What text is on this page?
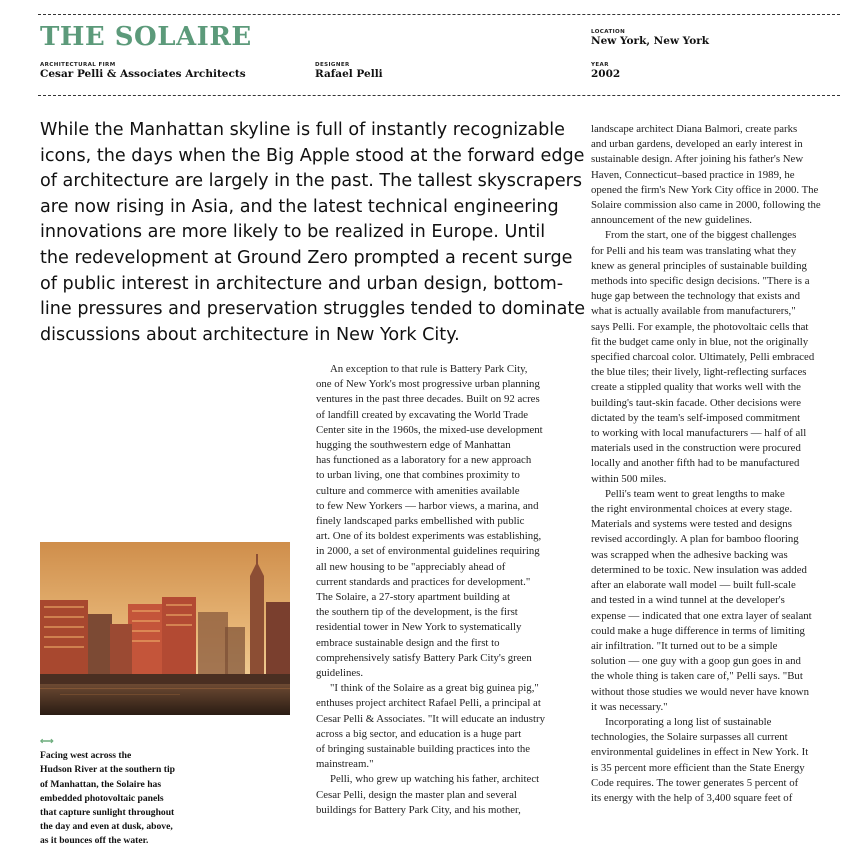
THE SOLAIRE	LOCATION
New York, New York
ARCHITECTURAL FIRM
Cesar Pelli & Associates Architects
DESIGNER
Rafael Pelli
YEAR
2002
While the Manhattan skyline is full of instantly recognizable
icons, the days when the Big Apple stood at the forward edge
of architecture are largely in the past. The tallest skyscrapers
are now rising in Asia, and the latest technical engineering
innovations are more likely to be realized in Europe. Until
the redevelopment at Ground Zero prompted a recent surge
of public interest in architecture and urban design, bottom-
line pressures and preservation struggles tended to dominate
discussions about architecture in New York City.
An exception to that rule is Battery Park City,
one of New York's most progressive urban planning
ventures in the past three decades. Built on 92 acres
of landfill created by excavating the World Trade
Center site in the 1960s, the mixed-use development
hugging the southwestern edge of Manhattan
has functioned as a laboratory for a new approach
to urban living, one that combines proximity to
culture and commerce with amenities available
to few New Yorkers — harbor views, a marina, and
finely landscaped parks embellished with public
art. One of its boldest experiments was establishing,
in 2000, a set of environmental guidelines requiring
all new housing to be "appreciably ahead of
current standards and practices for development."
The Solaire, a 27-story apartment building at
the southern tip of the development, is the first
residential tower in New York to systematically
embrace sustainable design and the first to
comprehensively satisfy Battery Park City's green
guidelines.
"I think of the Solaire as a great big guinea pig,"
enthuses project architect Rafael Pelli, a principal at
Cesar Pelli & Associates. "It will educate an industry
across a big sector, and education is a huge part
of bringing sustainable building practices into the
mainstream."
Pelli, who grew up watching his father, architect
Cesar Pelli, design the master plan and several
buildings for Battery Park City, and his mother,
landscape architect Diana Balmori, create parks
and urban gardens, developed an early interest in
sustainable design. After joining his father's New
Haven, Connecticut–based practice in 1989, he
opened the firm's New York City office in 2000. The
Solaire commission also came in 2000, following the
announcement of the new guidelines.
From the start, one of the biggest challenges
for Pelli and his team was translating what they
knew as general principles of sustainable building
methods into specific design decisions. "There is a
huge gap between the technology that exists and
what is actually available from manufacturers,"
says Pelli. For example, the photovoltaic cells that
fit the budget came only in blue, not the originally
specified charcoal color. Ultimately, Pelli embraced
the blue tiles; their lively, light-reflecting surfaces
create a stippled quality that works well with the
building's taut-skin facade. Other decisions were
dictated by the team's self-imposed commitment
to working with local manufacturers — half of all
materials used in the construction were procured
locally and another fifth had to be manufactured
within 500 miles.
Pelli's team went to great lengths to make
the right environmental choices at every stage.
Materials and systems were tested and designs
revised accordingly. A plan for bamboo flooring
was scrapped when the adhesive backing was
determined to be toxic. New insulation was added
after an elaborate wall model — built full-scale
and tested in a wind tunnel at the developer's
expense — indicated that one extra layer of sealant
could make a huge difference in terms of limiting
air infiltration. "It turned out to be a simple
solution — one guy with a goop gun goes in and
the whole thing is taken care of," Pelli says. "But
without those studies we would never have known
it was necessary."
Incorporating a long list of sustainable
technologies, the Solaire surpasses all current
environmental guidelines in effect in New York. It
is 35 percent more efficient than the State Energy
Code requires. The tower generates 5 percent of
its energy with the help of 3,400 square feet of
⟷
Facing west across the
Hudson River at the southern tip
of Manhattan, the Solaire has
embedded photovoltaic panels
that capture sunlight throughout
the day and even at dusk, above,
as it bounces off the water.
